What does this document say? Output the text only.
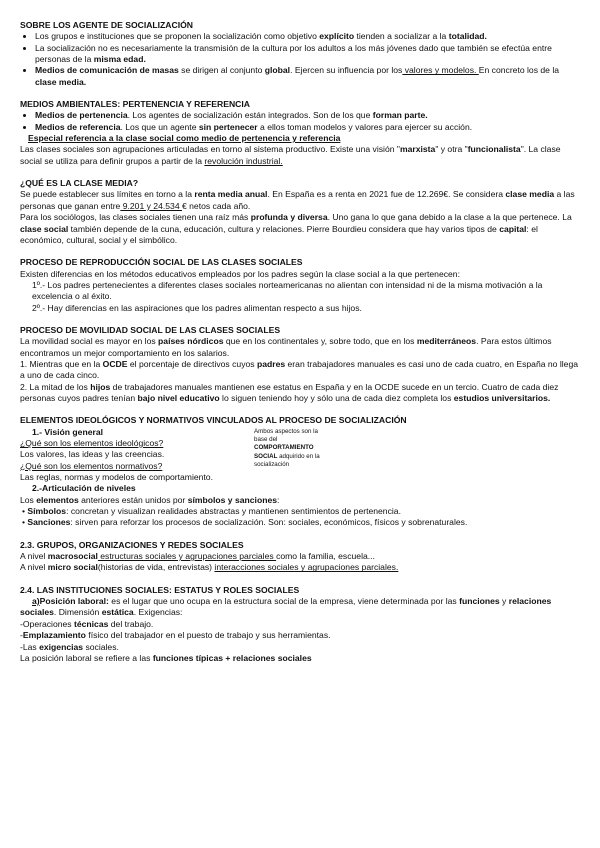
SOBRE LOS AGENTE DE SOCIALIZACIÓN
• Los grupos e instituciones que se proponen la socialización como objetivo explícito tienden a socializar a la totalidad.
• La socialización no es necesariamente la transmisión de la cultura por los adultos a los más jóvenes dado que también se efectúa entre personas de la misma edad.
• Medios de comunicación de masas se dirigen al conjunto global. Ejercen su influencia por los valores y modelos. En concreto los de la clase media.
MEDIOS AMBIENTALES: PERTENENCIA Y REFERENCIA
• Medios de pertenencia. Los agentes de socialización están integrados. Son de los que forman parte.
• Medios de referencia. Los que un agente sin pertenecer a ellos toman modelos y valores para ejercer su acción.

Especial referencia a la clase social como medio de pertenencia y referencia

Las clases sociales son agrupaciones articuladas en torno al sistema productivo. Existe una visión "marxista" y otra "funcionalista". La clase social se utiliza para definir grupos a partir de la revolución industrial.

¿QUÉ ES LA CLASE MEDIA?

Se puede establecer sus límites en torno a la renta media anual. En España es a renta en 2021 fue de 12.269€. Se considera clase media a las personas que ganan entre 9.201 y 24.534 € netos cada año.

Para los sociólogos, las clases sociales tienen una raíz más profunda y diversa. Uno gana lo que gana debido a la clase a la que pertenece. La clase social también depende de la cuna, educación, cultura y relaciones. Pierre Bourdieu considera que hay varios tipos de capital: el económico, cultural, social y el simbólico.

PROCESO DE REPRODUCCIÓN SOCIAL DE LAS CLASES SOCIALES

Existen diferencias en los métodos educativos empleados por los padres según la clase social a la que pertenecen:

1º.- Los padres pertenecientes a diferentes clases sociales norteamericanas no alientan con intensidad ni de la misma motivación a la excelencia o al éxito.

2º.- Hay diferencias en las aspiraciones que los padres alimentan respecto a sus hijos.

PROCESO DE MOVILIDAD SOCIAL DE LAS CLASES SOCIALES

La movilidad social es mayor en los países nórdicos que en los continentales y, sobre todo, que en los mediterráneos. Para estos últimos encontramos un mejor comportamiento en los salarios.

1. Mientras que en la OCDE el porcentaje de directivos cuyos padres eran trabajadores manuales es casi uno de cada cuatro, en España no llega a uno de cada cinco.

2. La mitad de los hijos de trabajadores manuales mantienen ese estatus en España y en la OCDE sucede en un tercio. Cuatro de cada diez personas cuyos padres tenían bajo nivel educativo lo siguen teniendo hoy y sólo una de cada diez completa los estudios universitarios.

ELEMENTOS IDEOLÓGICOS Y NORMATIVOS VINCULADOS AL PROCESO DE SOCIALIZACIÓN

1.- Visión general

¿Qué son los elementos ideológicos?

Los valores, las ideas y las creencias.

¿Qué son los elementos normativos?

Las reglas, normas y modelos de comportamiento.

Ambos aspectos son la base del COMPORTAMIENTO SOCIAL adquirido en la socialización

2.-Articulación de niveles

Los elementos anteriores están unidos por símbolos y sanciones:

• Símbolos: concretan y visualizan realidades abstractas y mantienen sentimientos de pertenencia.

• Sanciones: sirven para reforzar los procesos de socialización. Son: sociales, económicos, físicos y sobrenaturales.

2.3. GRUPOS, ORGANIZACIONES Y REDES SOCIALES

A nivel macrosocial estructuras sociales y agrupaciones parciales como la familia, escuela...

A nivel micro social(historias de vida, entrevistas) interacciones sociales y agrupaciones parciales.

2.4. LAS INSTITUCIONES SOCIALES: ESTATUS Y ROLES SOCIALES

a)Posición laboral: es el lugar que uno ocupa en la estructura social de la empresa, viene determinada por las funciones y relaciones sociales. Dimensión estática. Exigencias:

-Operaciones técnicas del trabajo.

-Emplazamiento físico del trabajador en el puesto de trabajo y sus herramientas.

-Las exigencias sociales.

La posición laboral se refiere a las funciones típicas + relaciones sociales
